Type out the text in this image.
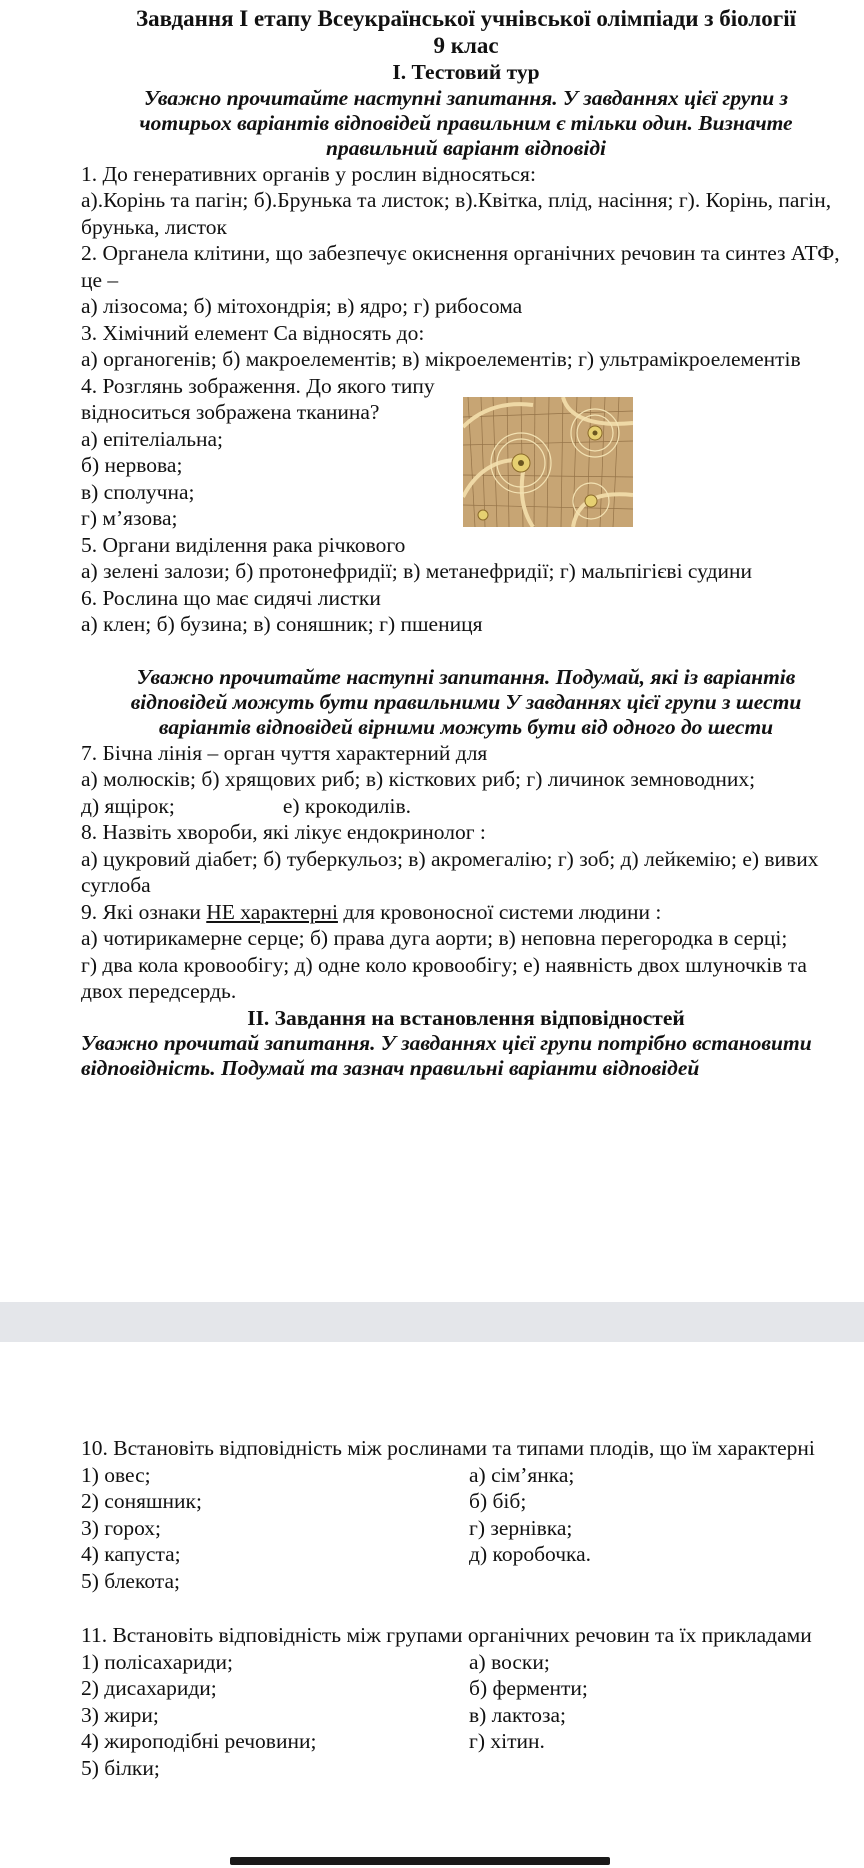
Завдання І етапу Всеукраїнської учнівської олімпіади з біології

9 клас

І. Тестовий тур

Уважно прочитайте наступні запитання. У завданнях цієї групи з чотирьох варіантів відповідей правильним є тільки один. Визначте правильний варіант відповіді

1. До генеративних органів у рослин відносяться:

а).Корінь та пагін; б).Брунька та листок; в).Квітка, плід, насіння; г). Корінь, пагін, брунька, листок

2. Органела клітини, що забезпечує окиснення органічних речовин та синтез АТФ, це –

а) лізосома; б) мітохондрія; в) ядро; г) рибосома

3. Хімічний елемент Са відносять до:

а) органогенів; б) макроелементів; в) мікроелементів; г) ультрамікроелементів

4. Розглянь зображення. До якого типу

відноситься зображена тканина?

а) епітеліальна;

б) нервова;

в) сполучна;

г) м’язова;

5. Органи виділення рака річкового

а) зелені залози; б) протонефридії; в) метанефридії; г) мальпігієві судини

6. Рослина що має сидячі листки

а) клен; б) бузина; в) соняшник; г) пшениця

Уважно прочитайте наступні запитання. Подумай, які із варіантів відповідей можуть бути правильними У завданнях цієї групи з шести варіантів відповідей вірними можуть бути від одного до шести

7. Бічна лінія – орган чуття характерний для

а) молюсків; б) хрящових риб; в) кісткових риб; г) личинок земноводних;

д) ящірок;	е) крокодилів.

8. Назвіть хвороби, які лікує ендокринолог :

а) цукровий діабет; б) туберкульоз; в) акромегалію; г) зоб; д) лейкемію; е) вивих суглоба

9. Які ознаки НЕ характерні для кровоносної системи людини :

а) чотирикамерне серце; б) права дуга аорти; в) неповна перегородка в серці;

г) два кола кровообігу; д) одне коло кровообігу; е) наявність двох шлуночків та двох передсердь.

ІІ. Завдання на встановлення відповідностей

Уважно прочитай запитання. У завданнях цієї групи потрібно встановити відповідність. Подумай та зазнач правильні варіанти відповідей

10. Встановіть відповідність між рослинами та типами плодів, що їм характерні

1) овес;	а) сім’янка;
2) соняшник;	б) біб;
3) горох;	г) зернівка;
4) капуста;	д) коробочка.
5) блекота;

11. Встановіть відповідність між групами органічних речовин та їх прикладами

1) полісахариди;	а) воски;
2) дисахариди;	б) ферменти;
3) жири;	в) лактоза;
4) жироподібні речовини;	г) хітин.
5) білки;
